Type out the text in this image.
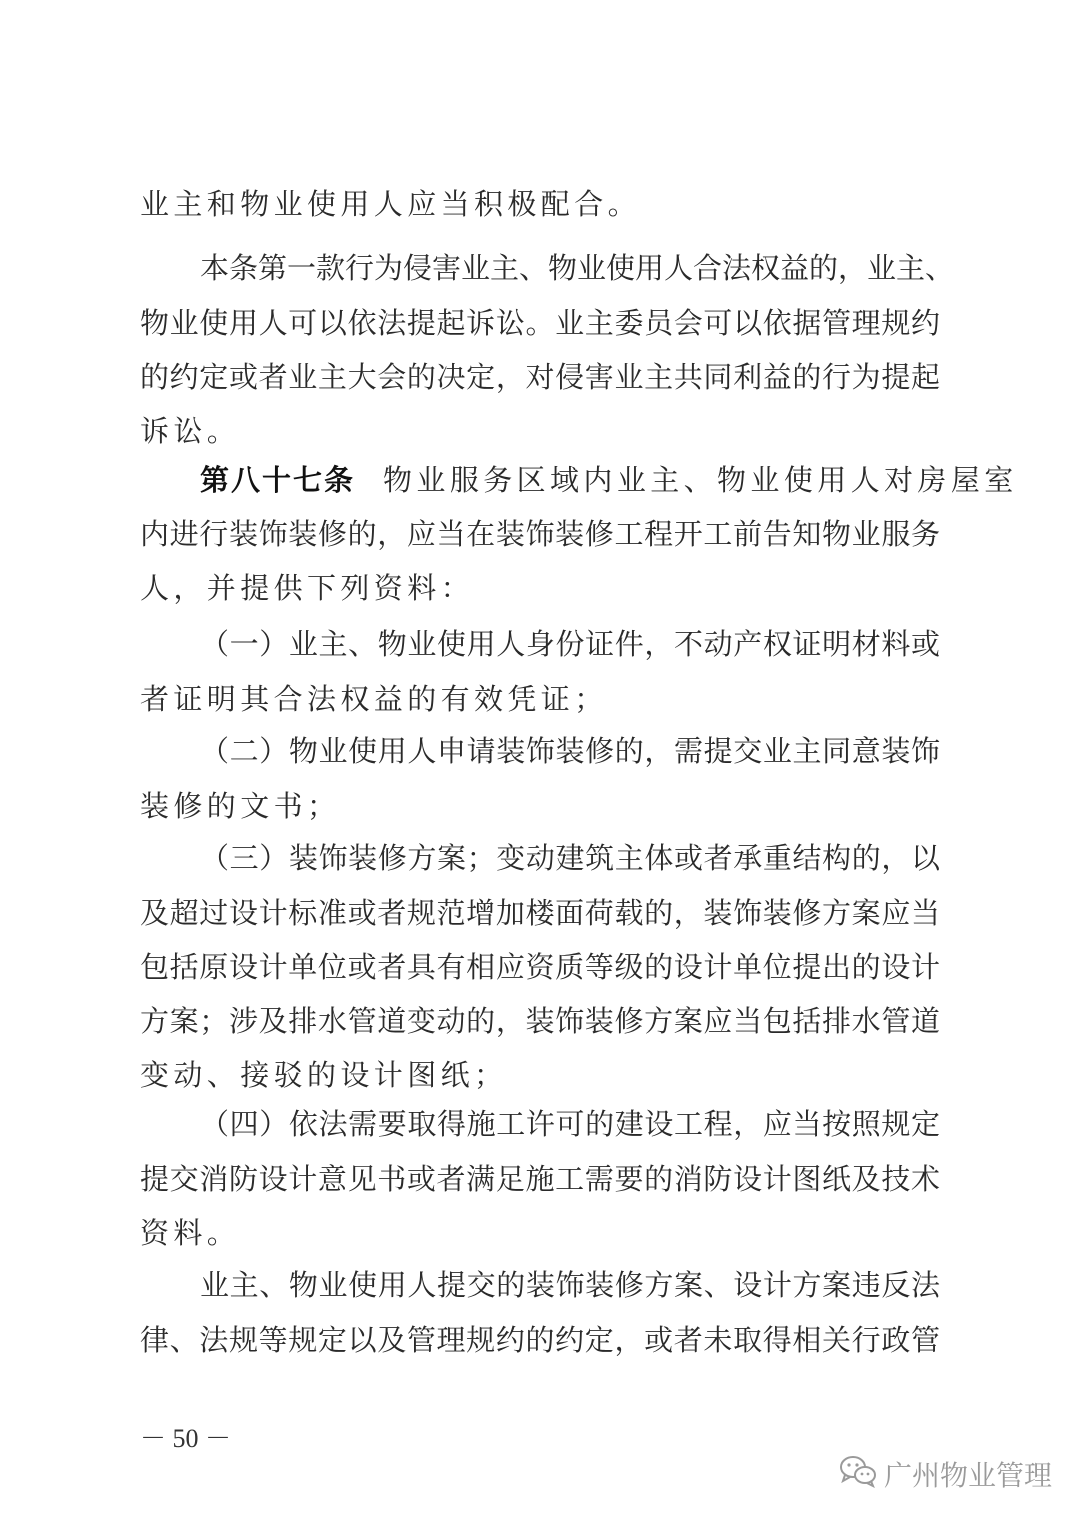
业主和物业使用人应当积极配合。
本条第一款行为侵害业主、物业使用人合法权益的，业主、
物业使用人可以依法提起诉讼。业主委员会可以依据管理规约
的约定或者业主大会的决定，对侵害业主共同利益的行为提起
诉讼。
第八十七条 物业服务区域内业主、物业使用人对房屋室
内进行装饰装修的，应当在装饰装修工程开工前告知物业服务
人，并提供下列资料：
（一）业主、物业使用人身份证件，不动产权证明材料或
者证明其合法权益的有效凭证；
（二）物业使用人申请装饰装修的，需提交业主同意装饰
装修的文书；
（三）装饰装修方案；变动建筑主体或者承重结构的，以
及超过设计标准或者规范增加楼面荷载的，装饰装修方案应当
包括原设计单位或者具有相应资质等级的设计单位提出的设计
方案；涉及排水管道变动的，装饰装修方案应当包括排水管道
变动、接驳的设计图纸；
（四）依法需要取得施工许可的建设工程，应当按照规定
提交消防设计意见书或者满足施工需要的消防设计图纸及技术
资料。
业主、物业使用人提交的装饰装修方案、设计方案违反法
律、法规等规定以及管理规约的约定，或者未取得相关行政管
－ 50 －
广州物业管理
